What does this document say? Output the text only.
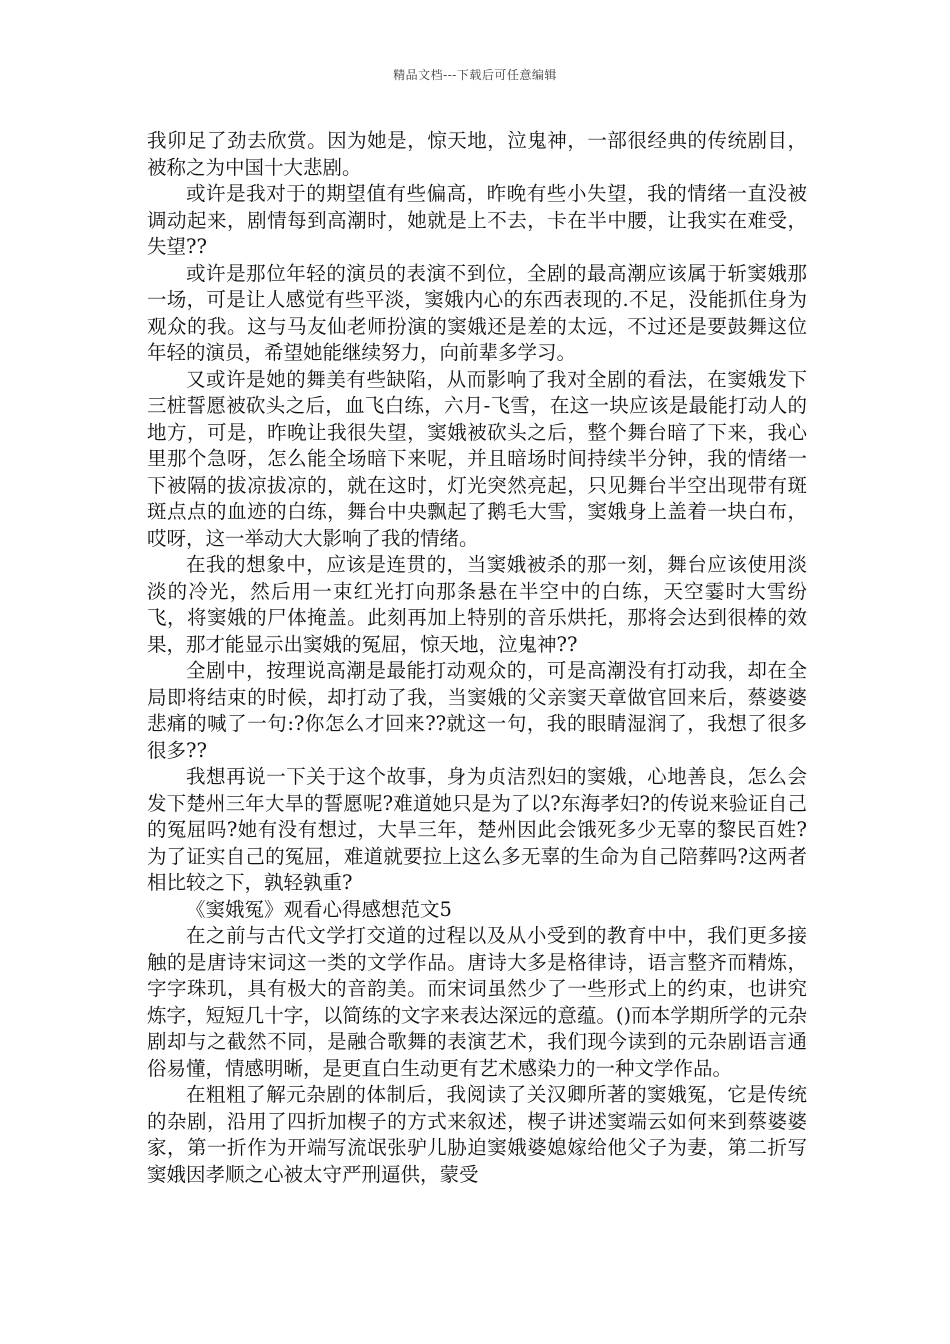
精品文档---下载后可任意编辑

我卯足了劲去欣赏。因为她是，惊天地，泣鬼神，一部很经典的传统剧目，被称之为中国十大悲剧。

或许是我对于的期望值有些偏高，昨晚有些小失望，我的情绪一直没被调动起来，剧情每到高潮时，她就是上不去，卡在半中腰，让我实在难受，失望??

或许是那位年轻的演员的表演不到位，全剧的最高潮应该属于斩窦娥那一场，可是让人感觉有些平淡，窦娥内心的东西表现的.不足，没能抓住身为观众的我。这与马友仙老师扮演的窦娥还是差的太远，不过还是要鼓舞这位年轻的演员，希望她能继续努力，向前辈多学习。

又或许是她的舞美有些缺陷，从而影响了我对全剧的看法，在窦娥发下三桩誓愿被砍头之后，血飞白练，六月-飞雪，在这一块应该是最能打动人的地方，可是，昨晚让我很失望，窦娥被砍头之后，整个舞台暗了下来，我心里那个急呀，怎么能全场暗下来呢，并且暗场时间持续半分钟，我的情绪一下被隔的拔凉拔凉的，就在这时，灯光突然亮起，只见舞台半空出现带有斑斑点点的血迹的白练，舞台中央飘起了鹅毛大雪，窦娥身上盖着一块白布，哎呀，这一举动大大影响了我的情绪。

在我的想象中，应该是连贯的，当窦娥被杀的那一刻，舞台应该使用淡淡的冷光，然后用一束红光打向那条悬在半空中的白练，天空霎时大雪纷飞，将窦娥的尸体掩盖。此刻再加上特别的音乐烘托，那将会达到很棒的效果，那才能显示出窦娥的冤屈，惊天地，泣鬼神??

全剧中，按理说高潮是最能打动观众的，可是高潮没有打动我，却在全局即将结束的时候，却打动了我，当窦娥的父亲窦天章做官回来后，蔡婆婆悲痛的喊了一句:?你怎么才回来??就这一句，我的眼睛湿润了，我想了很多很多??

我想再说一下关于这个故事，身为贞洁烈妇的窦娥，心地善良，怎么会发下楚州三年大旱的誓愿呢?难道她只是为了以?东海孝妇?的传说来验证自己的冤屈吗?她有没有想过，大旱三年，楚州因此会饿死多少无辜的黎民百姓?为了证实自己的冤屈，难道就要拉上这么多无辜的生命为自己陪葬吗?这两者相比较之下，孰轻孰重?

《窦娥冤》观看心得感想范文5

在之前与古代文学打交道的过程以及从小受到的教育中中，我们更多接触的是唐诗宋词这一类的文学作品。唐诗大多是格律诗，语言整齐而精炼，字字珠玑，具有极大的音韵美。而宋词虽然少了一些形式上的约束，也讲究炼字，短短几十字，以简练的文字来表达深远的意蕴。()而本学期所学的元杂剧却与之截然不同，是融合歌舞的表演艺术，我们现今读到的元杂剧语言通俗易懂，情感明晰，是更直白生动更有艺术感染力的一种文学作品。

在粗粗了解元杂剧的体制后，我阅读了关汉卿所著的窦娥冤，它是传统的杂剧，沿用了四折加楔子的方式来叙述，楔子讲述窦端云如何来到蔡婆婆家，第一折作为开端写流氓张驴儿胁迫窦娥婆媳嫁给他父子为妻，第二折写窦娥因孝顺之心被太守严刑逼供，蒙受
